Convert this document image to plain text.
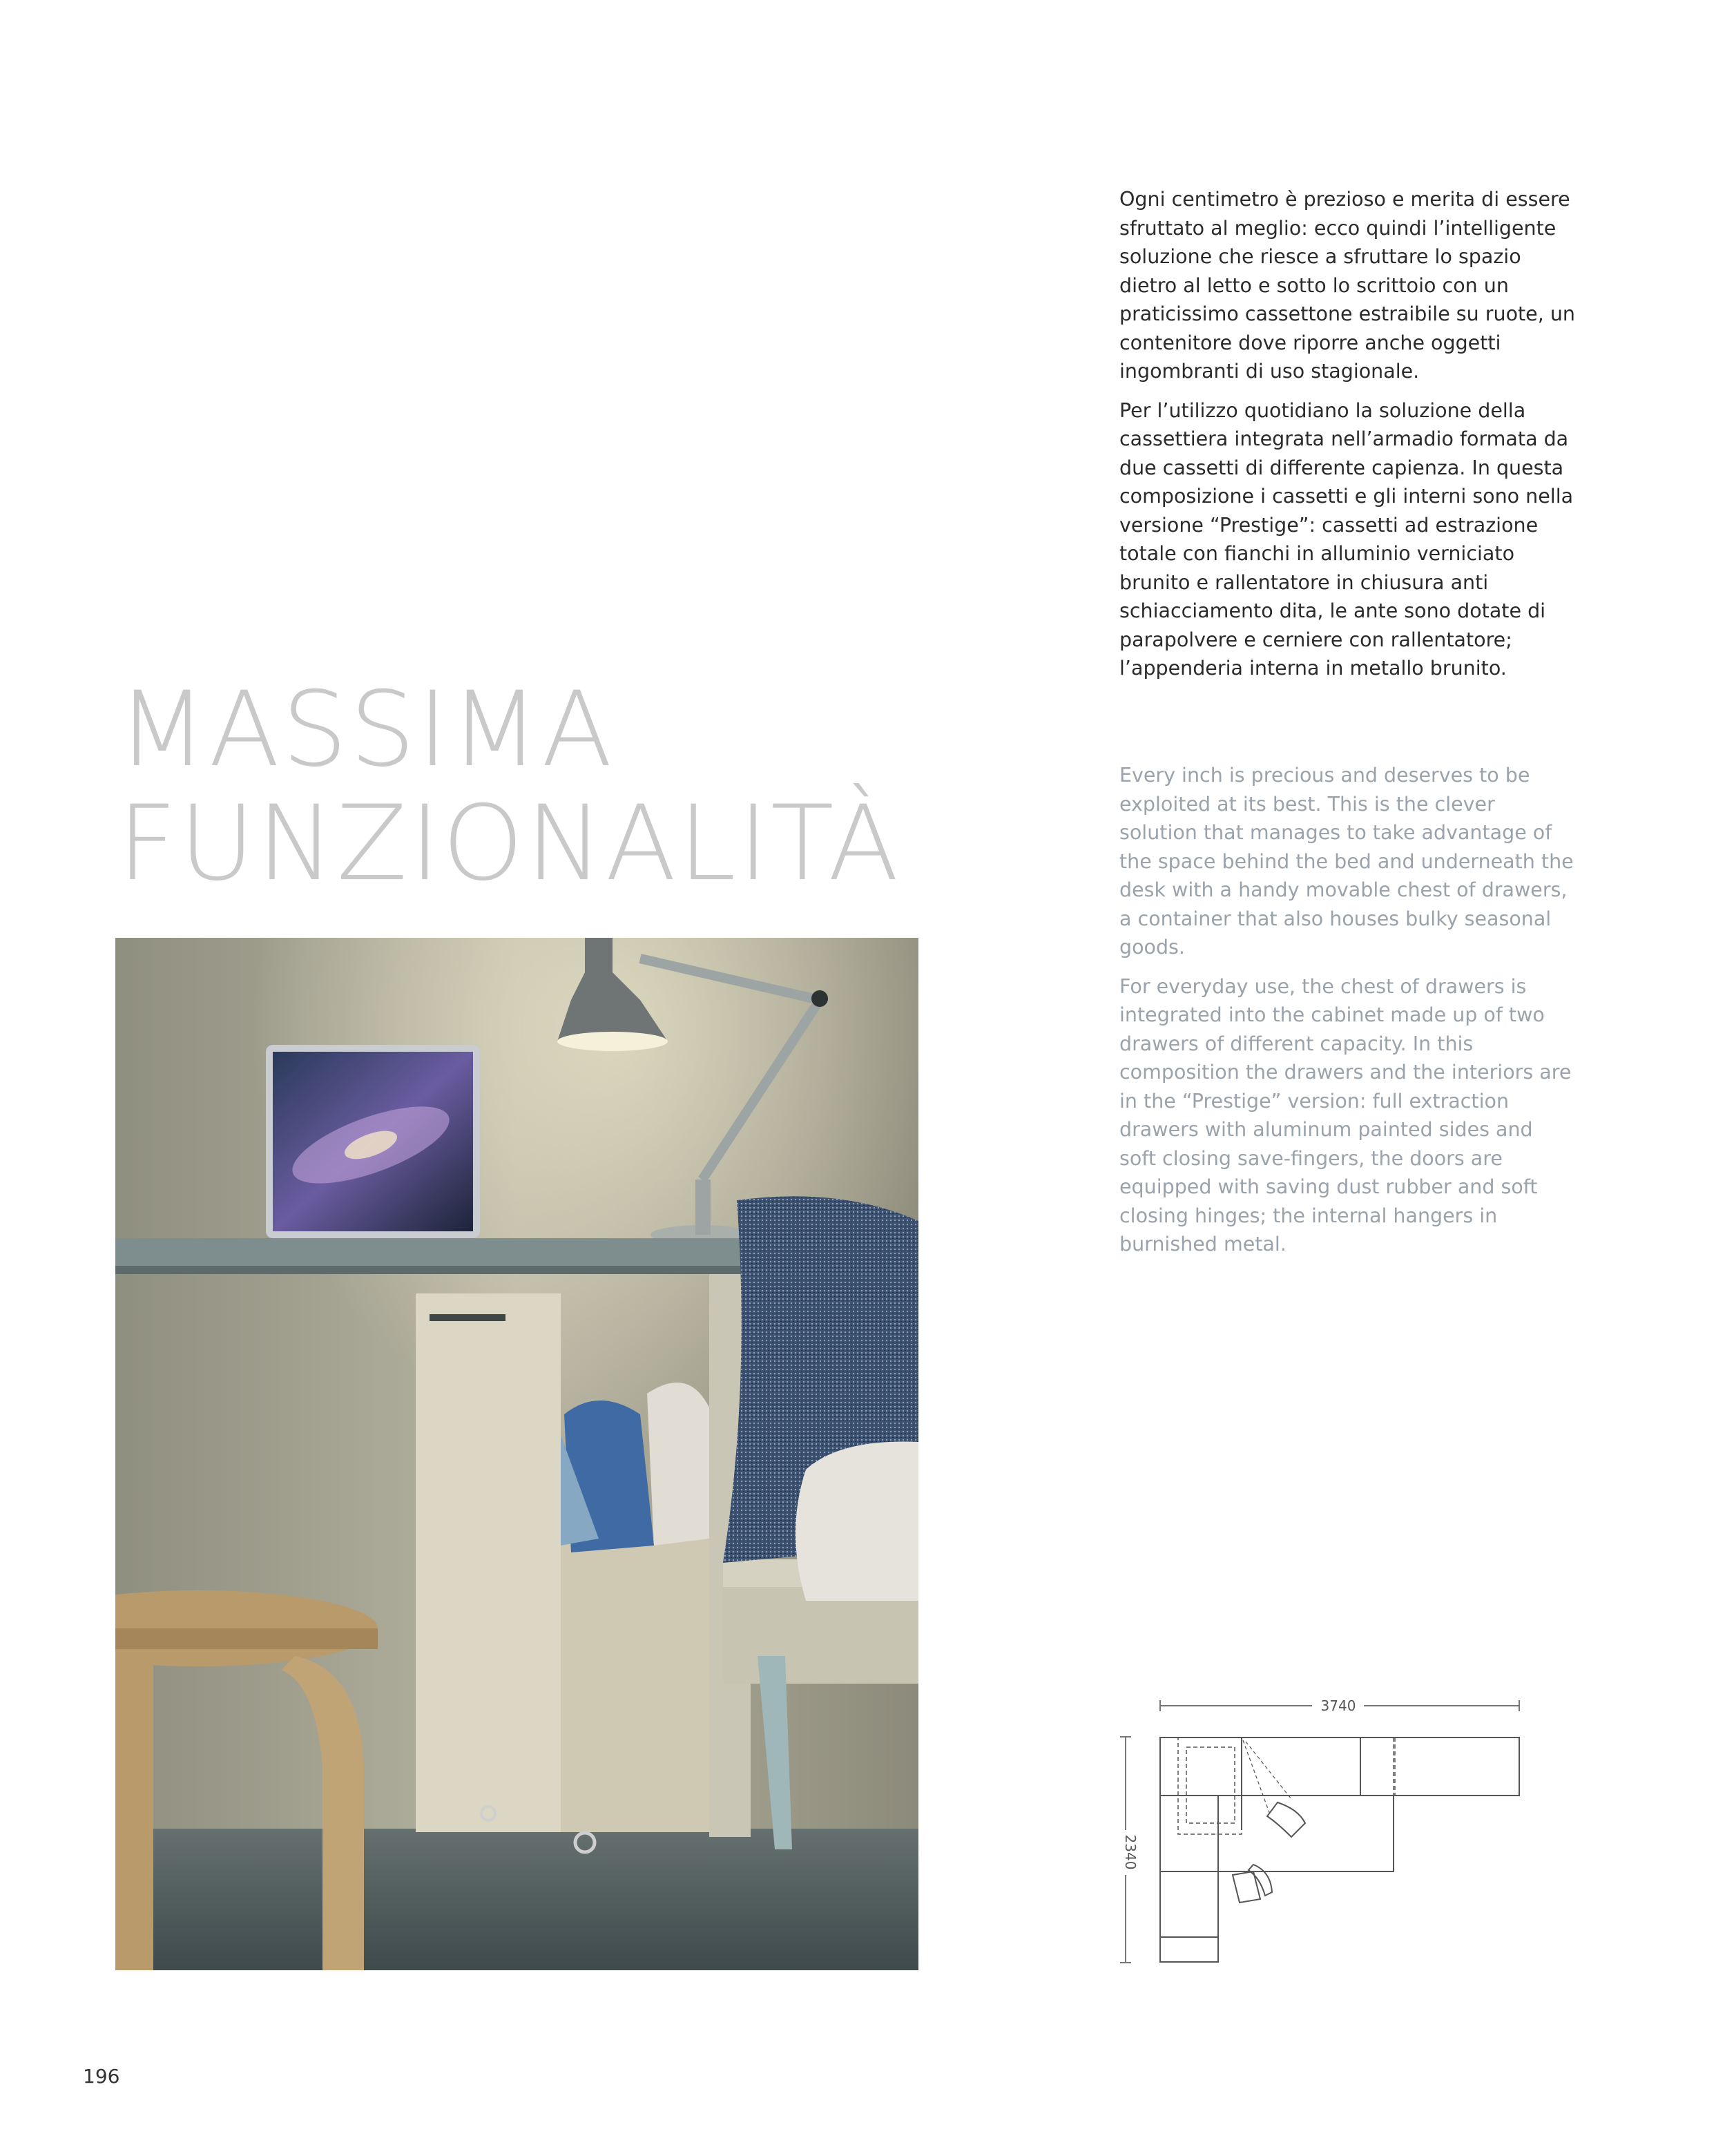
MASSIMA
FUNZIONALITÀ

Ogni centimetro è prezioso e merita di essere sfruttato al meglio: ecco quindi l’intelligente soluzione che riesce a sfruttare lo spazio dietro al letto e sotto lo scrittoio con un praticissimo cassettone estraibile su ruote, un contenitore dove riporre anche oggetti ingombranti di uso stagionale.

Per l’utilizzo quotidiano la soluzione della cassettiera integrata nell’armadio formata da due cassetti di differente capienza. In questa composizione i cassetti e gli interni sono nella versione “Prestige”: cassetti ad estrazione totale con fianchi in alluminio verniciato brunito e rallentatore in chiusura anti schiacciamento dita, le ante sono dotate di parapolvere e cerniere con rallentatore; l’appenderia interna in metallo brunito.

Every inch is precious and deserves to be exploited at its best. This is the clever solution that manages to take advantage of the space behind the bed and underneath the desk with a handy movable chest of drawers, a container that also houses bulky seasonal goods.

For everyday use, the chest of drawers is integrated into the cabinet made up of two drawers of different capacity. In this composition the drawers and the interiors are in the “Prestige” version: full extraction drawers with aluminum painted sides and soft closing save-fingers, the doors are equipped with saving dust rubber and soft closing hinges; the internal hangers in burnished metal.

3740
2340
196
